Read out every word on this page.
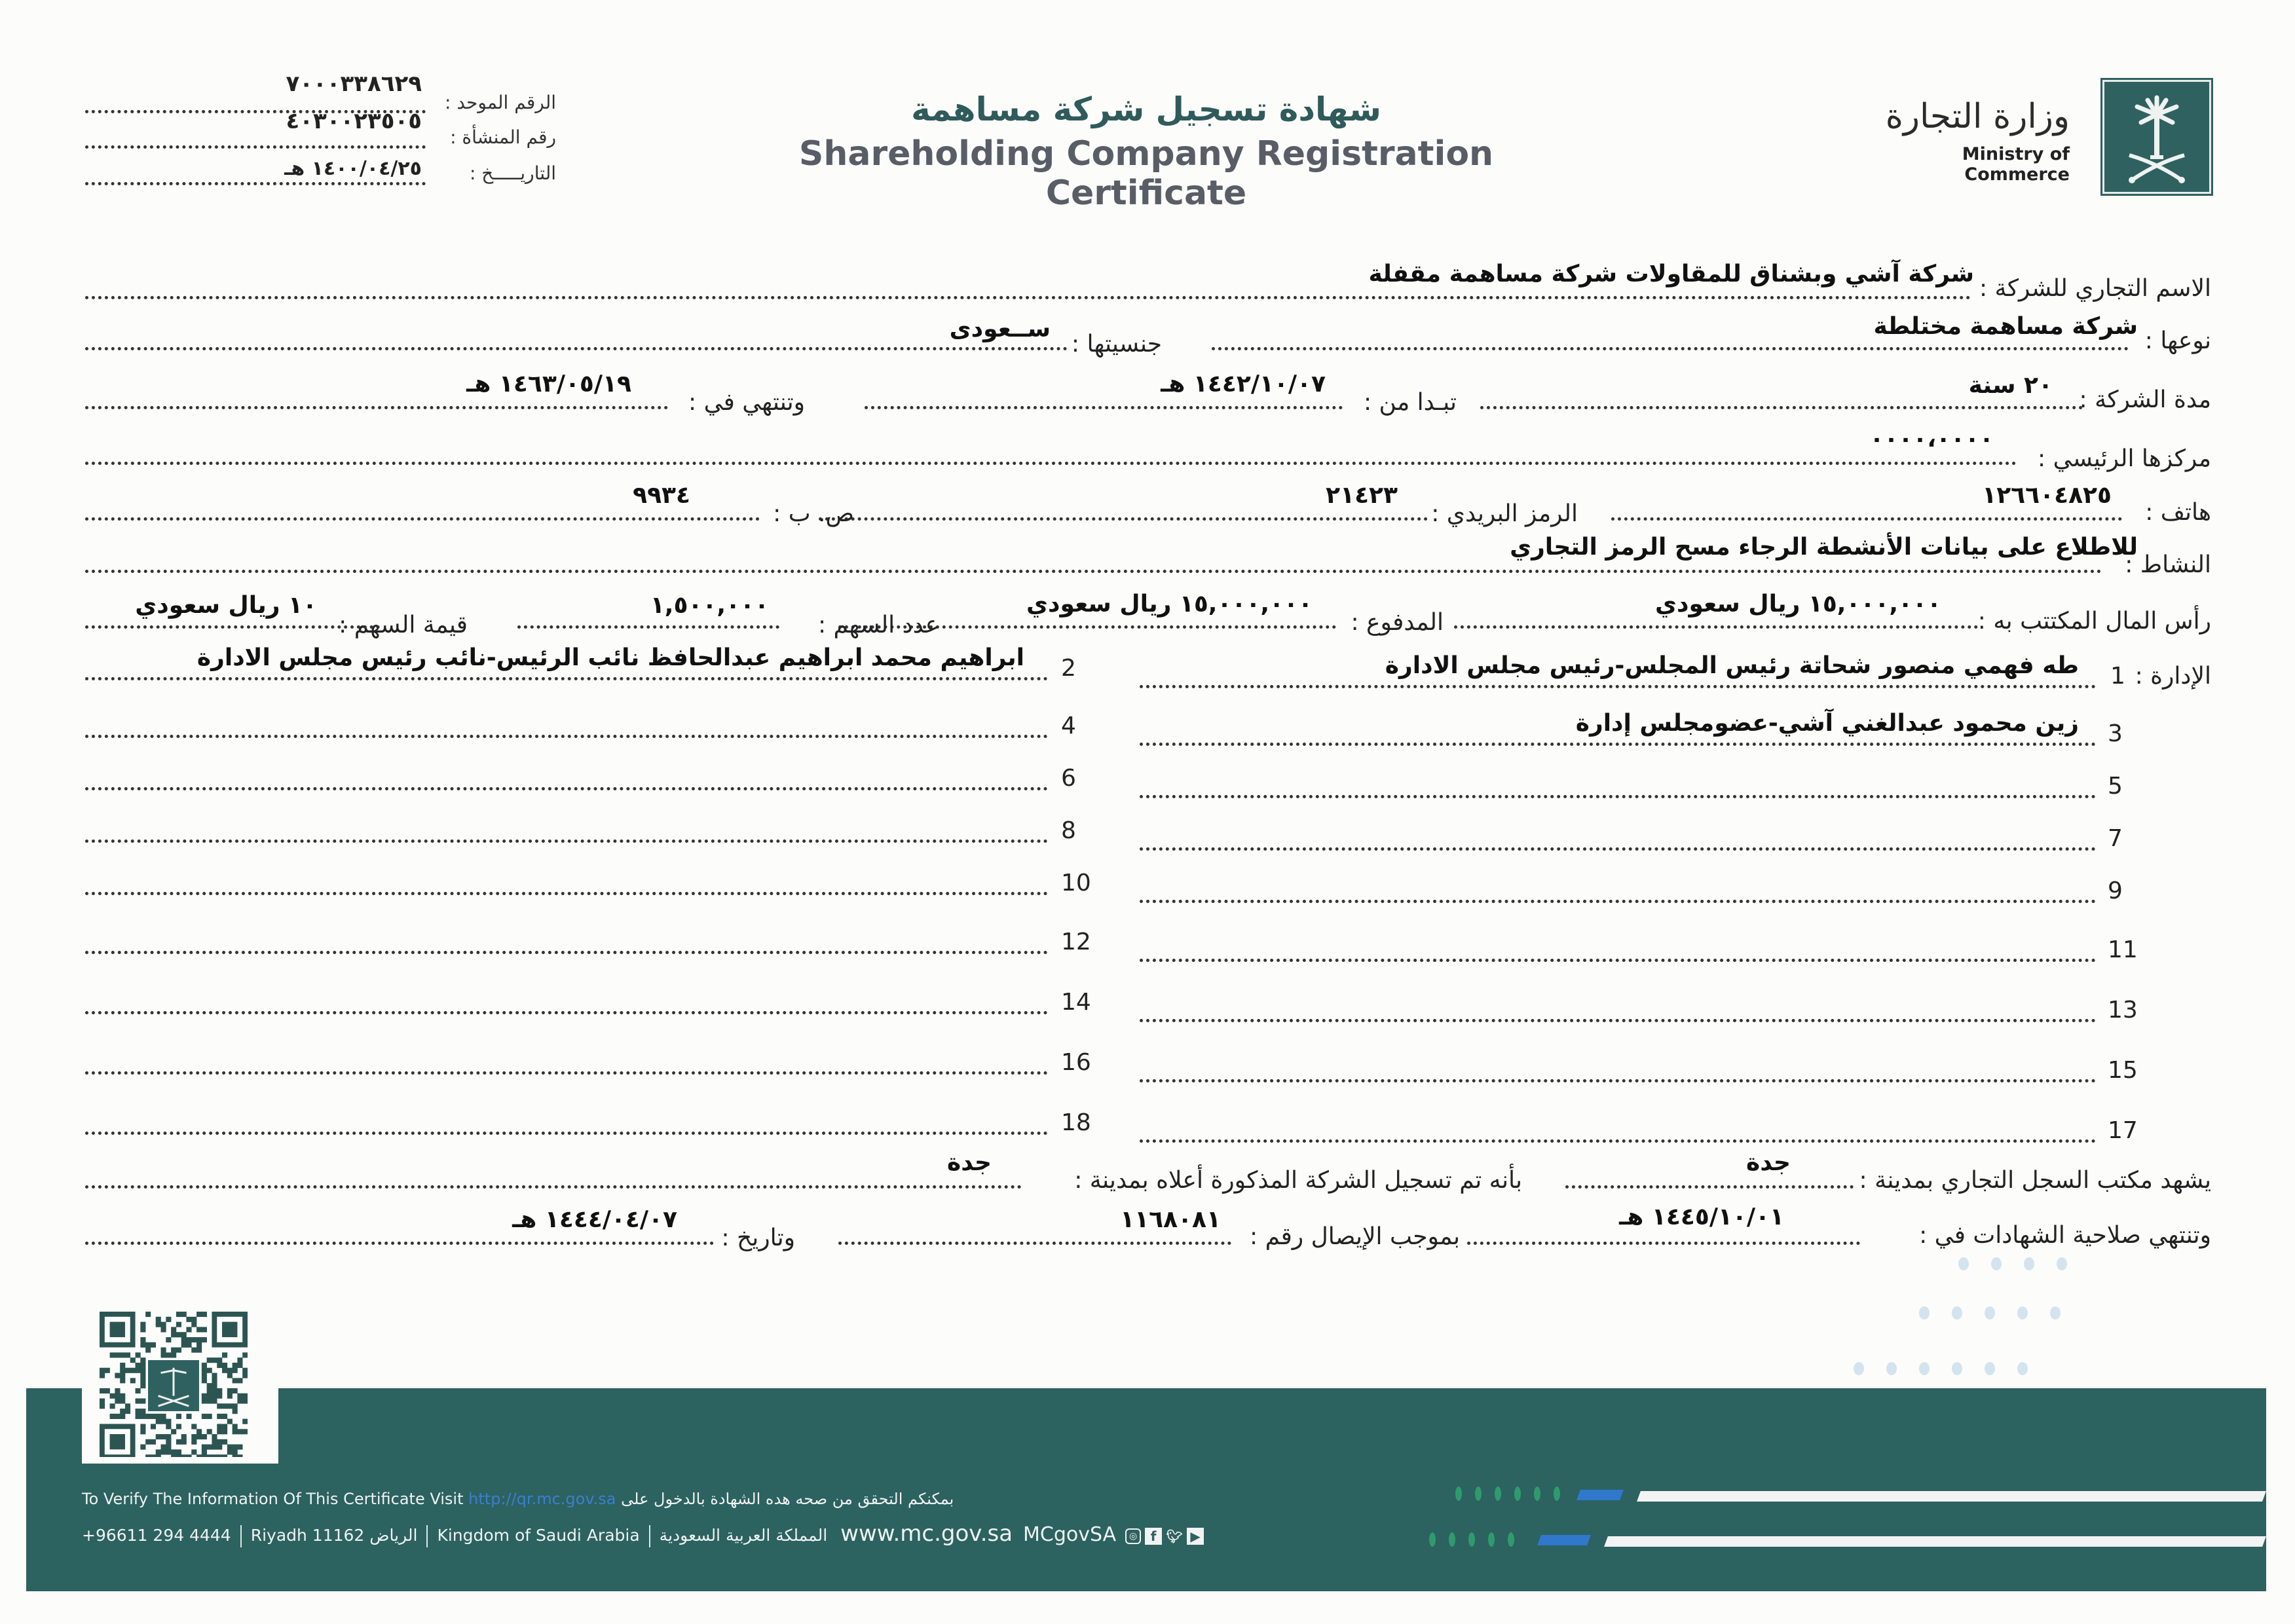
الرقم الموحد :
٧٠٠٠٣٣٨٦٢٩
رقم المنشأة :
٤٠٣٠٠٢٣٥٠٥
التاريـــــخ :
١٤٠٠/٠٤/٢٥ هـ
شهادة تسجيل شركة مساهمة
Shareholding Company Registration Certificate
وزارة التجارة
Ministry of Commerce
الاسم التجاري للشركة :
شركة آشي وبشناق للمقاولات شركة مساهمة مقفلة
نوعها :
شركة مساهمة مختلطة
جنسيتها :
ســعودى
مدة الشركة :
٢٠ سنة
تبـدا من :
١٤٤٢/١٠/٠٧ هـ
وتنتهي في :
١٤٦٣/٠٥/١٩ هـ
مركزها الرئيسي :
٠٠٠٠،٠٠٠٠
هاتف :
١٢٦٦٠٤٨٢٥
الرمز البريدي :
٢١٤٢٣
ص. ب :
٩٩٣٤
النشاط :
للاطلاع على بيانات الأنشطة الرجاء مسح الرمز التجاري
رأس المال المكتتب به :
١٥,٠٠٠,٠٠٠ ريال سعودي
المدفوع :
١٥,٠٠٠,٠٠٠ ريال سعودي
عدد السهم :
١,٥٠٠,٠٠٠
قيمة السهم :
١٠ ريال سعودي
الإدارة :
1
طه فهمي منصور شحاتة رئيس المجلس-رئيس مجلس الادارة
2
ابراهيم محمد ابراهيم عبدالحافظ نائب الرئيس-نائب رئيس مجلس الادارة
3
زين محمود عبدالغني آشي-عضومجلس إدارة
4
5
6
7
8
9
10
11
12
13
14
15
16
17
18
يشهد مكتب السجل التجاري بمدينة :
جدة
بأنه تم تسجيل الشركة المذكورة أعلاه بمدينة :
جدة
وتنتهي صلاحية الشهادات في :
١٤٤٥/١٠/٠١ هـ
بموجب الإيصال رقم :
١١٦٨٠٨١
وتاريخ :
١٤٤٤/٠٤/٠٧ هـ
To Verify The Information Of This Certificate Visit http://qr.mc.gov.sa بمكنكم التحقق من صحه هده الشهادة بالدخول على
+96611 294 4444 Riyadh 11162 الرياض Kingdom of Saudi Arabia المملكة العربية السعودية www.mc.gov.sa MCgovSA ◎ f 🐦︎ ▶
